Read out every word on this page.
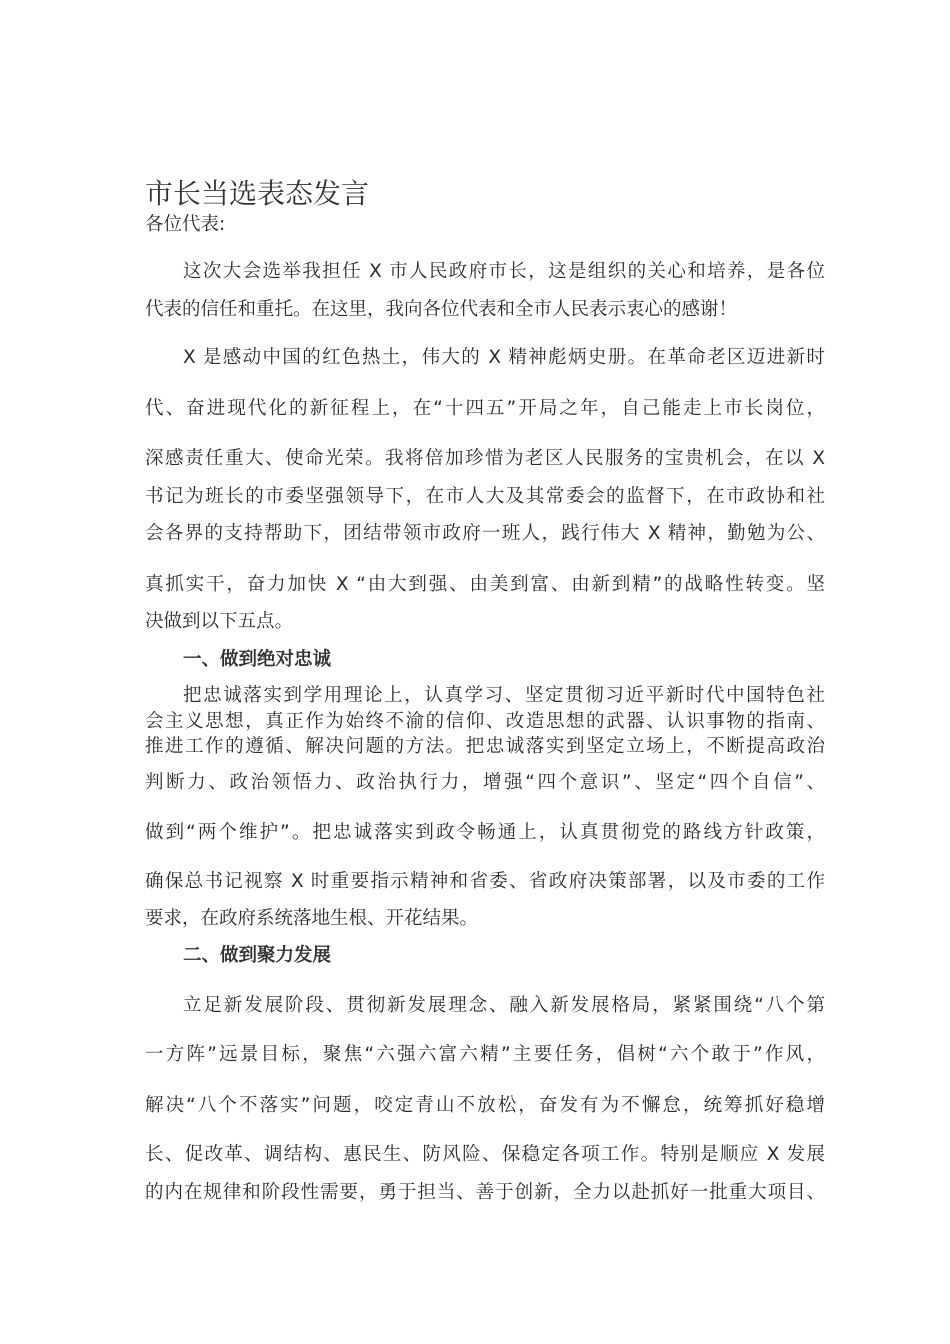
市长当选表态发言
各位代表:
这次大会选举我担任 X 市人民政府市长，这是组织的关心和培养，是各位
代表的信任和重托。在这里，我向各位代表和全市人民表示衷心的感谢！
X 是感动中国的红色热土，伟大的 X 精神彪炳史册。在革命老区迈进新时
代、奋进现代化的新征程上，在“十四五”开局之年，自己能走上市长岗位，
深感责任重大、使命光荣。我将倍加珍惜为老区人民服务的宝贵机会，在以 X
书记为班长的市委坚强领导下，在市人大及其常委会的监督下，在市政协和社
会各界的支持帮助下，团结带领市政府一班人，践行伟大 X 精神，勤勉为公、
真抓实干，奋力加快 X “由大到强、由美到富、由新到精”的战略性转变。坚
决做到以下五点。
一、做到绝对忠诚
把忠诚落实到学用理论上，认真学习、坚定贯彻习近平新时代中国特色社
会主义思想，真正作为始终不渝的信仰、改造思想的武器、认识事物的指南、
推进工作的遵循、解决问题的方法。把忠诚落实到坚定立场上，不断提高政治
判断力、政治领悟力、政治执行力，增强“四个意识”、坚定“四个自信”、
做到“两个维护”。把忠诚落实到政令畅通上，认真贯彻党的路线方针政策，
确保总书记视察 X 时重要指示精神和省委、省政府决策部署，以及市委的工作
要求，在政府系统落地生根、开花结果。
二、做到聚力发展
立足新发展阶段、贯彻新发展理念、融入新发展格局，紧紧围绕“八个第
一方阵”远景目标，聚焦“六强六富六精”主要任务，倡树“六个敢于”作风，
解决“八个不落实”问题，咬定青山不放松，奋发有为不懈怠，统筹抓好稳增
长、促改革、调结构、惠民生、防风险、保稳定各项工作。特别是顺应 X 发展
的内在规律和阶段性需要，勇于担当、善于创新，全力以赴抓好一批重大项目、
